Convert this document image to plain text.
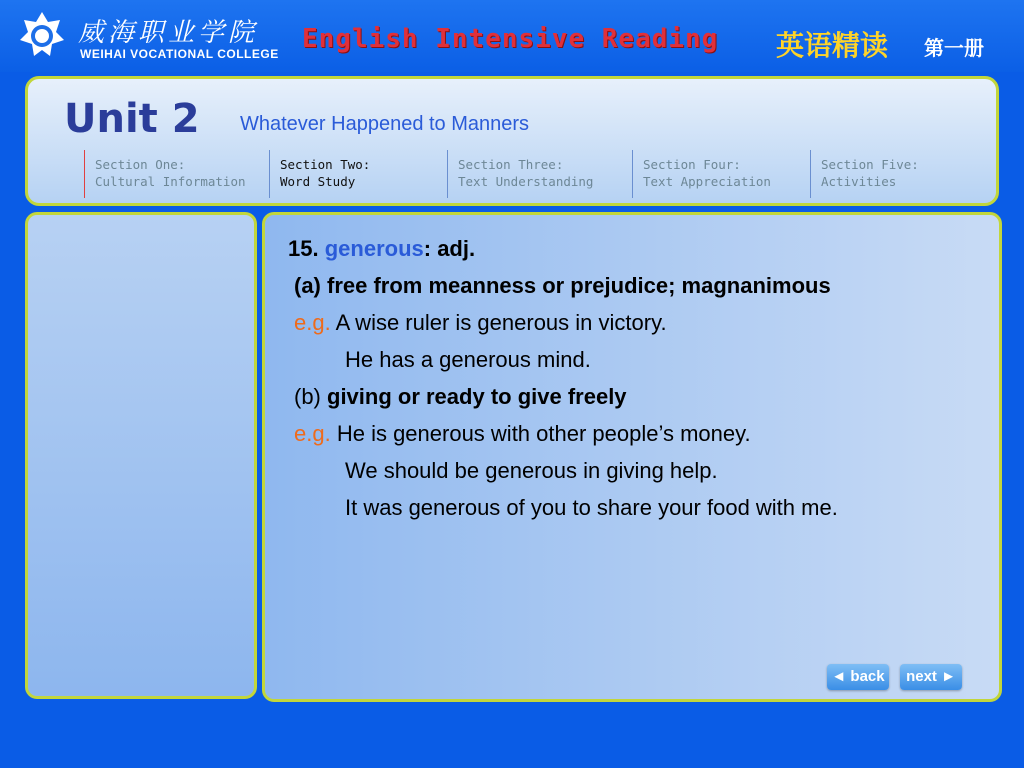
威海职业学院
WEIHAI VOCATIONAL COLLEGE English Intensive Reading 英语精读 第一册
Unit 2 Whatever Happened to Manners
Section One:
Cultural Information
Section Two:
Word Study
Section Three:
Text Understanding
Section Four:
Text Appreciation
Section Five:
Activities
15. generous: adj.
(a) free from meanness or prejudice; magnanimous
e.g. A wise ruler is generous in victory.
He has a generous mind.
(b) giving or ready to give freely
e.g. He is generous with other people’s money.
We should be generous in giving help.
It was generous of you to share your food with me.
◄ back	next ►
